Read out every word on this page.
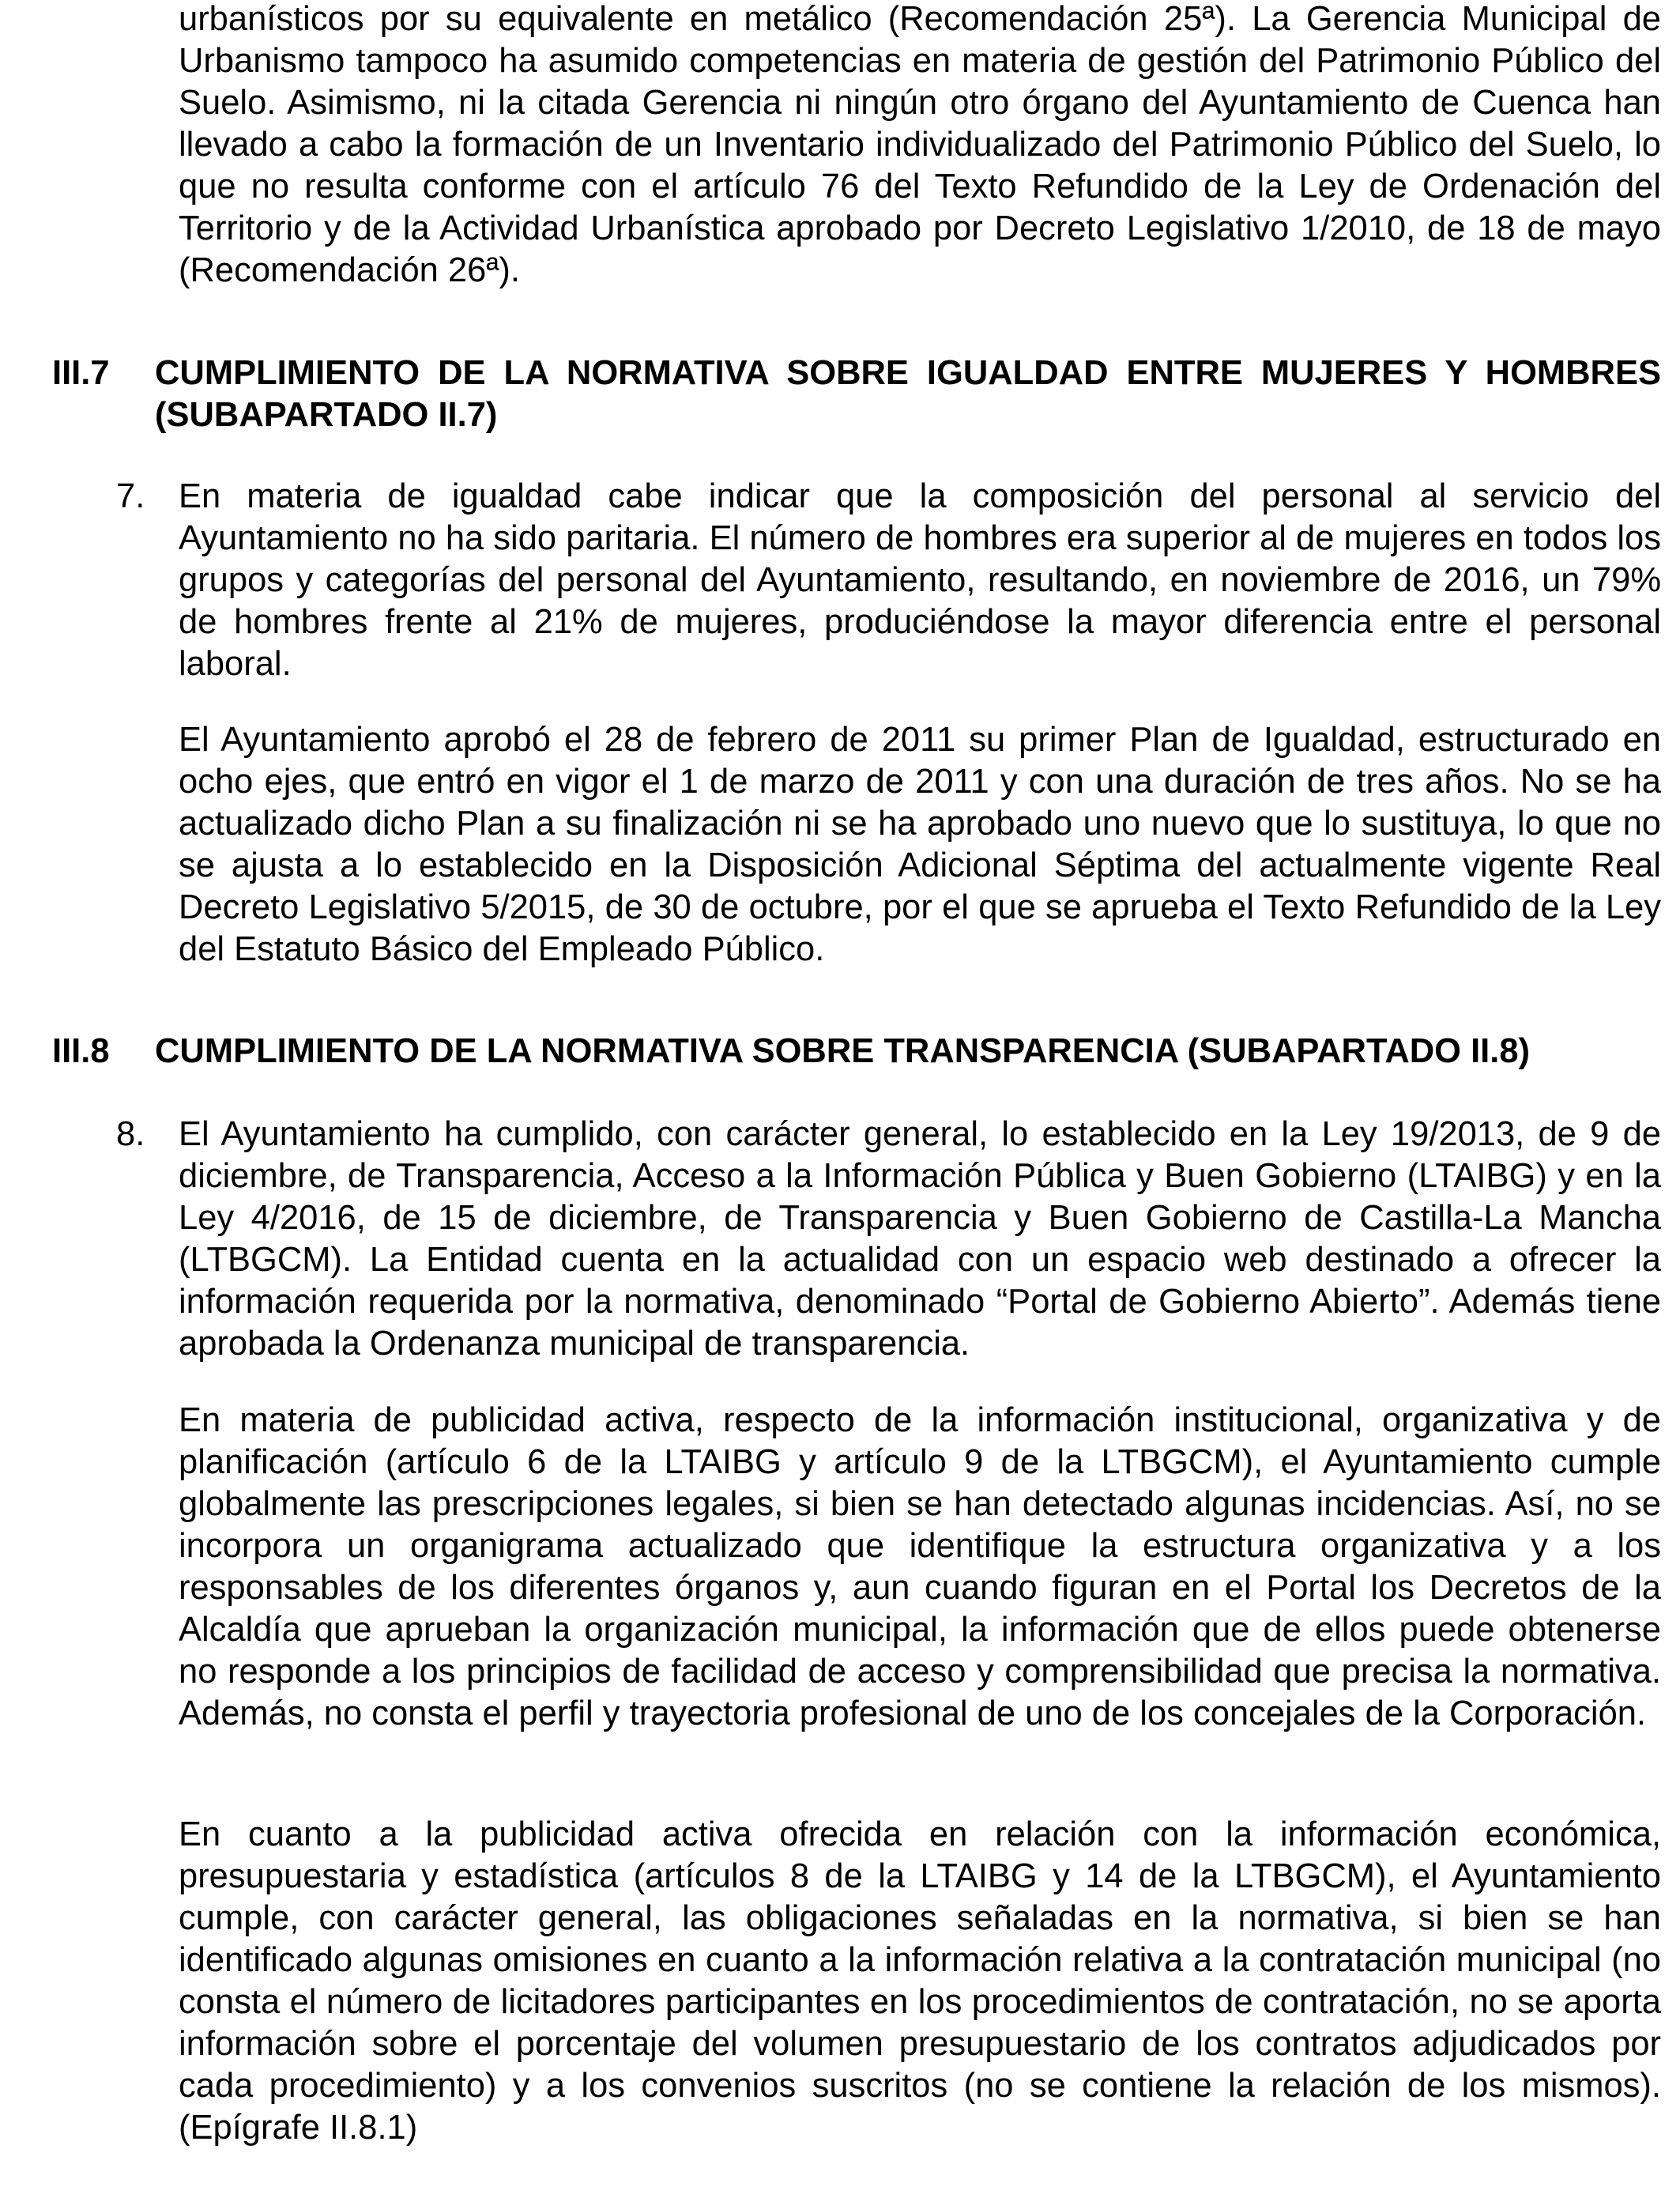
urbanísticos por su equivalente en metálico (Recomendación 25ª). La Gerencia Municipal de Urbanismo tampoco ha asumido competencias en materia de gestión del Patrimonio Público del Suelo. Asimismo, ni la citada Gerencia ni ningún otro órgano del Ayuntamiento de Cuenca han llevado a cabo la formación de un Inventario individualizado del Patrimonio Público del Suelo, lo que no resulta conforme con el artículo 76 del Texto Refundido de la Ley de Ordenación del Territorio y de la Actividad Urbanística aprobado por Decreto Legislativo 1/2010, de 18 de mayo (Recomendación 26ª).

III.7 CUMPLIMIENTO DE LA NORMATIVA SOBRE IGUALDAD ENTRE MUJERES Y HOMBRES (SUBAPARTADO II.7)
7. En materia de igualdad cabe indicar que la composición del personal al servicio del Ayuntamiento no ha sido paritaria. El número de hombres era superior al de mujeres en todos los grupos y categorías del personal del Ayuntamiento, resultando, en noviembre de 2016, un 79% de hombres frente al 21% de mujeres, produciéndose la mayor diferencia entre el personal laboral.

El Ayuntamiento aprobó el 28 de febrero de 2011 su primer Plan de Igualdad, estructurado en ocho ejes, que entró en vigor el 1 de marzo de 2011 y con una duración de tres años. No se ha actualizado dicho Plan a su finalización ni se ha aprobado uno nuevo que lo sustituya, lo que no se ajusta a lo establecido en la Disposición Adicional Séptima del actualmente vigente Real Decreto Legislativo 5/2015, de 30 de octubre, por el que se aprueba el Texto Refundido de la Ley del Estatuto Básico del Empleado Público.

III.8 CUMPLIMIENTO DE LA NORMATIVA SOBRE TRANSPARENCIA (SUBAPARTADO II.8)
8. El Ayuntamiento ha cumplido, con carácter general, lo establecido en la Ley 19/2013, de 9 de diciembre, de Transparencia, Acceso a la Información Pública y Buen Gobierno (LTAIBG) y en la Ley 4/2016, de 15 de diciembre, de Transparencia y Buen Gobierno de Castilla-La Mancha (LTBGCM). La Entidad cuenta en la actualidad con un espacio web destinado a ofrecer la información requerida por la normativa, denominado “Portal de Gobierno Abierto”. Además tiene aprobada la Ordenanza municipal de transparencia.

En materia de publicidad activa, respecto de la información institucional, organizativa y de planificación (artículo 6 de la LTAIBG y artículo 9 de la LTBGCM), el Ayuntamiento cumple globalmente las prescripciones legales, si bien se han detectado algunas incidencias. Así, no se incorpora un organigrama actualizado que identifique la estructura organizativa y a los responsables de los diferentes órganos y, aun cuando figuran en el Portal los Decretos de la Alcaldía que aprueban la organización municipal, la información que de ellos puede obtenerse no responde a los principios de facilidad de acceso y comprensibilidad que precisa la normativa. Además, no consta el perfil y trayectoria profesional de uno de los concejales de la Corporación.

En cuanto a la publicidad activa ofrecida en relación con la información económica, presupuestaria y estadística (artículos 8 de la LTAIBG y 14 de la LTBGCM), el Ayuntamiento cumple, con carácter general, las obligaciones señaladas en la normativa, si bien se han identificado algunas omisiones en cuanto a la información relativa a la contratación municipal (no consta el número de licitadores participantes en los procedimientos de contratación, no se aporta información sobre el porcentaje del volumen presupuestario de los contratos adjudicados por cada procedimiento) y a los convenios suscritos (no se contiene la relación de los mismos). (Epígrafe II.8.1)
